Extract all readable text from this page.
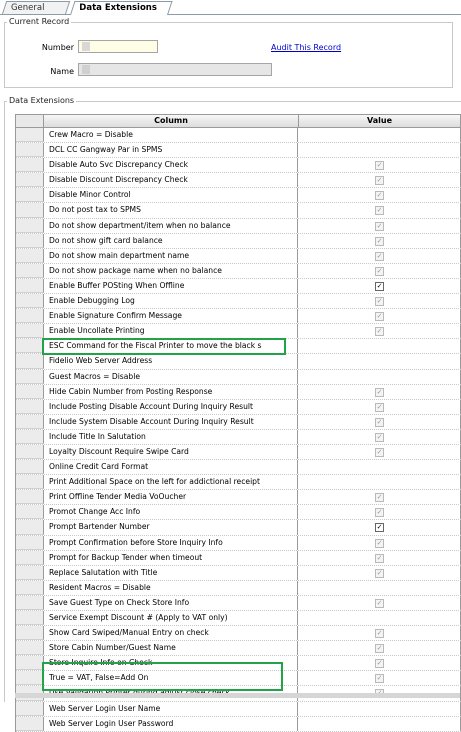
General	Data Extensions
Current Record
Number	Audit This Record
Name
Data Extensions
Column	Value
Crew Macro = Disable
DCL CC Gangway Par in SPMS
Disable Auto Svc Discrepancy Check	✓
Disable Discount Discrepancy Check	✓
Disable Minor Control	✓
Do not post tax to SPMS	✓
Do not show department/item when no balance	✓
Do not show gift card balance	✓
Do not show main department name	✓
Do not show package name when no balance	✓
Enable Buffer POSting When Offline	✓
Enable Debugging Log	✓
Enable Signature Confirm Message	✓
Enable Uncollate Printing	✓
ESC Command for the Fiscal Printer to move the black s
Fidelio Web Server Address
Guest Macros = Disable
Hide Cabin Number from Posting Response	✓
Include Posting Disable Account During Inquiry Result	✓
Include System Disable Account During Inquiry Result	✓
Include Title In Salutation	✓
Loyalty Discount Require Swipe Card	✓
Online Credit Card Format
Print Additional Space on the left for addictional receipt
Print Offline Tender Media VoOucher	✓
Promot Change Acc Info	✓
Prompt Bartender Number	✓
Prompt Confirmation before Store Inquiry Info	✓
Prompt for Backup Tender when timeout	✓
Replace Salutation with Title	✓
Resident Macros = Disable
Save Guest Type on Check Store Info	✓
Service Exempt Discount # (Apply to VAT only)
Show Card Swiped/Manual Entry on check	✓
Store Cabin Number/Guest Name	✓
Store Inquire Info on Check	✓
True = VAT, False=Add On	✓
Web Server Login User Name
Web Server Login User Password
